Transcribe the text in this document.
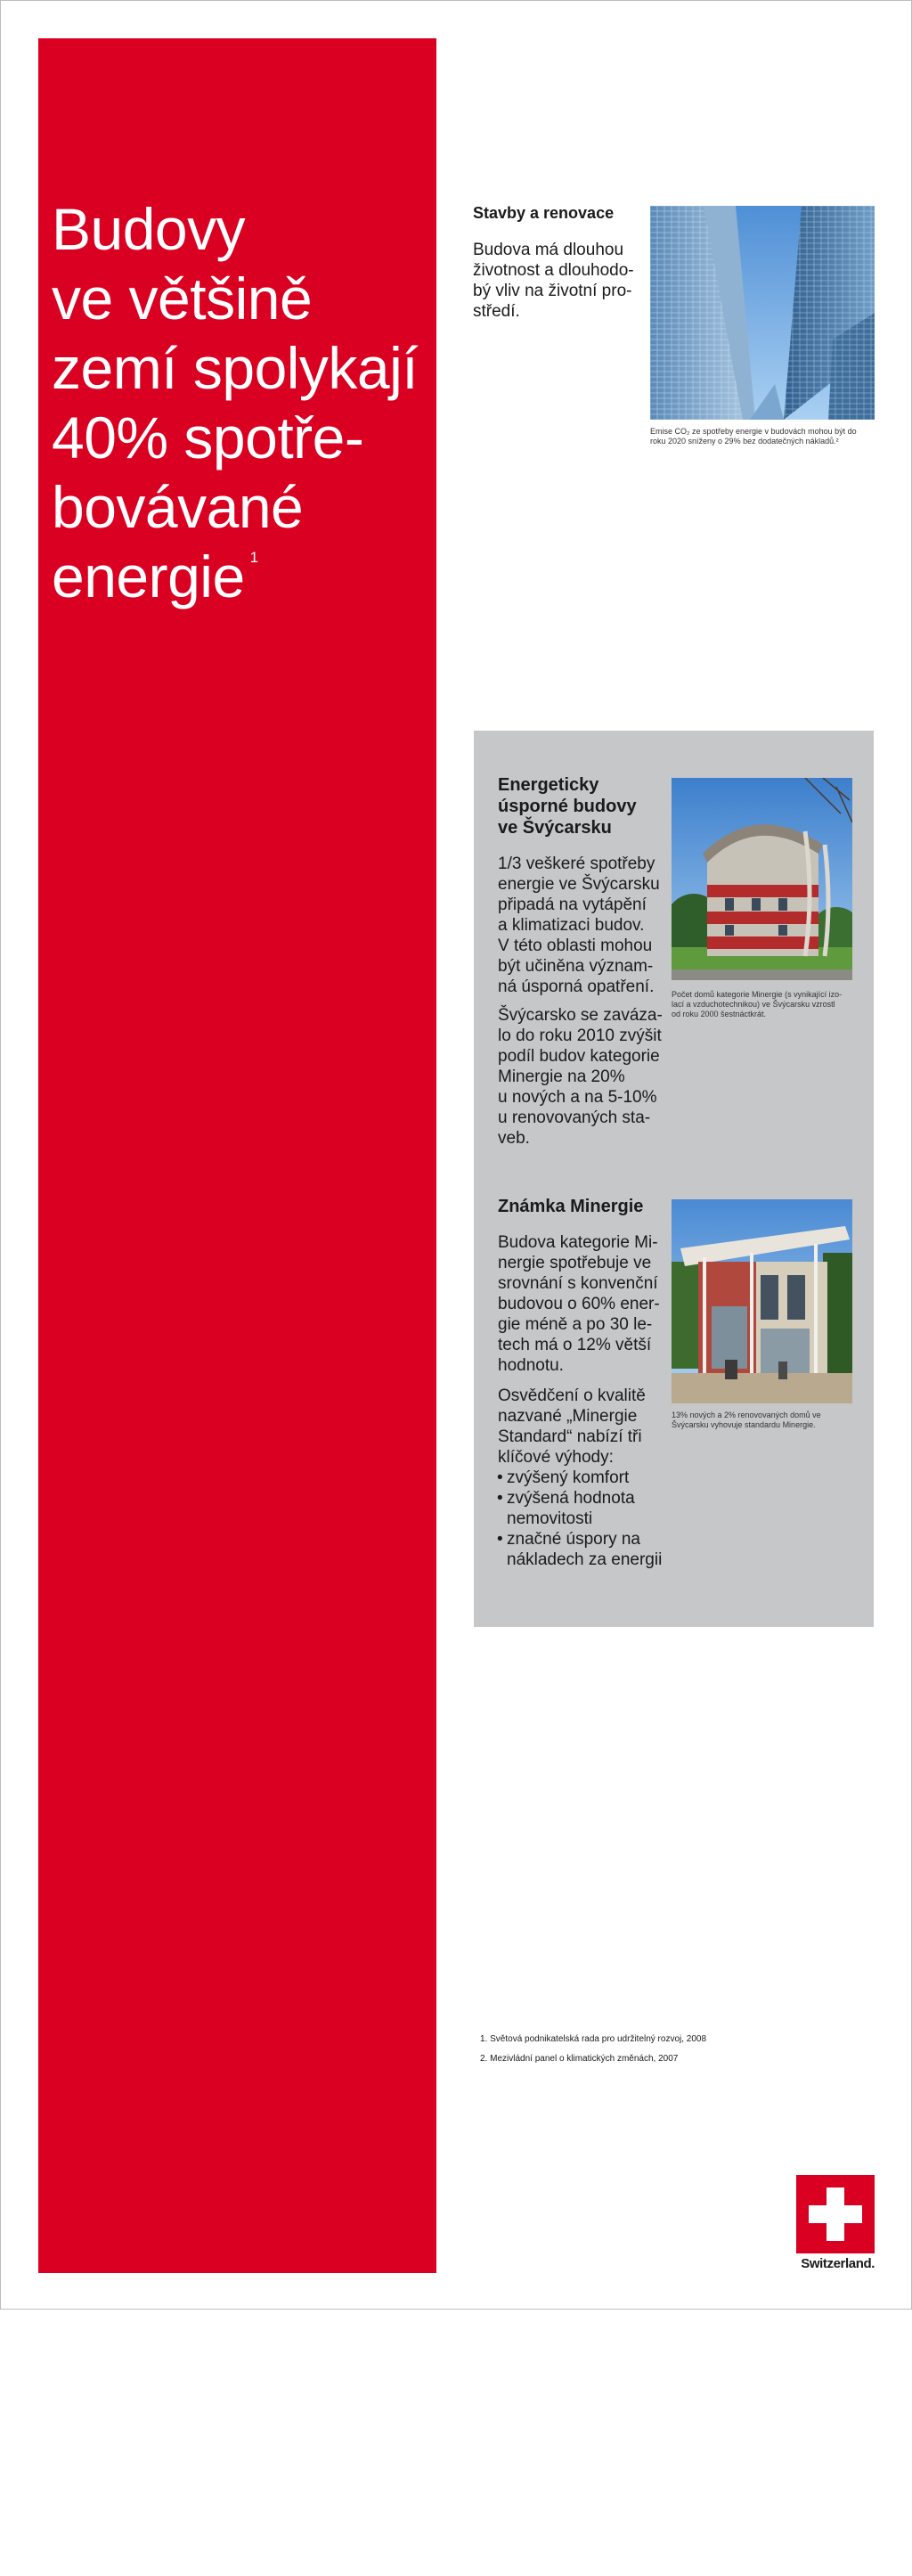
Budovy
ve většině
zemí spolykají
40% spotře-
bovávané
energie $^1$
Stavby a renovace

Budova má dlouhou
životnost a dlouhodo-
bý vliv na životní pro-
středí.

Emise CO₂ ze spotřeby energie v budovách mohou být do
roku 2020 sníženy o 29% bez dodatečných nákladů.²

Energeticky
úsporné budovy
ve Švýcarsku

1/3 veškeré spotřeby
energie ve Švýcarsku
připadá na vytápění
a klimatizaci budov.
V této oblasti mohou
být učiněna význam-
ná úsporná opatření.

Švýcarsko se zaváza-
lo do roku 2010 zvýšit
podíl budov kategorie
Minergie na 20%
u nových a na 5-10%
u renovovaných sta-
veb.

Počet domů kategorie Minergie (s vynikající izo-
lací a vzduchotechnikou) ve Švýcarsku vzrostl
od roku 2000 šestnáctkrát.

Známka Minergie

Budova kategorie Mi-
nergie spotřebuje ve
srovnání s konvenční
budovou o 60% ener-
gie méně a po 30 le-
tech má o 12% větší
hodnotu.

Osvědčení o kvalitě
nazvané „Minergie
Standard“ nabízí tři
klíčové výhody:
• zvýšený komfort
• zvýšená hodnota
nemovitosti
• značné úspory na
nákladech za energii

13% nových a 2% renovovaných domů ve
Švýcarsku vyhovuje standardu Minergie.

1. Světová podnikatelská rada pro udržitelný rozvoj, 2008
2. Mezivládní panel o klimatických změnách, 2007
Switzerland.
